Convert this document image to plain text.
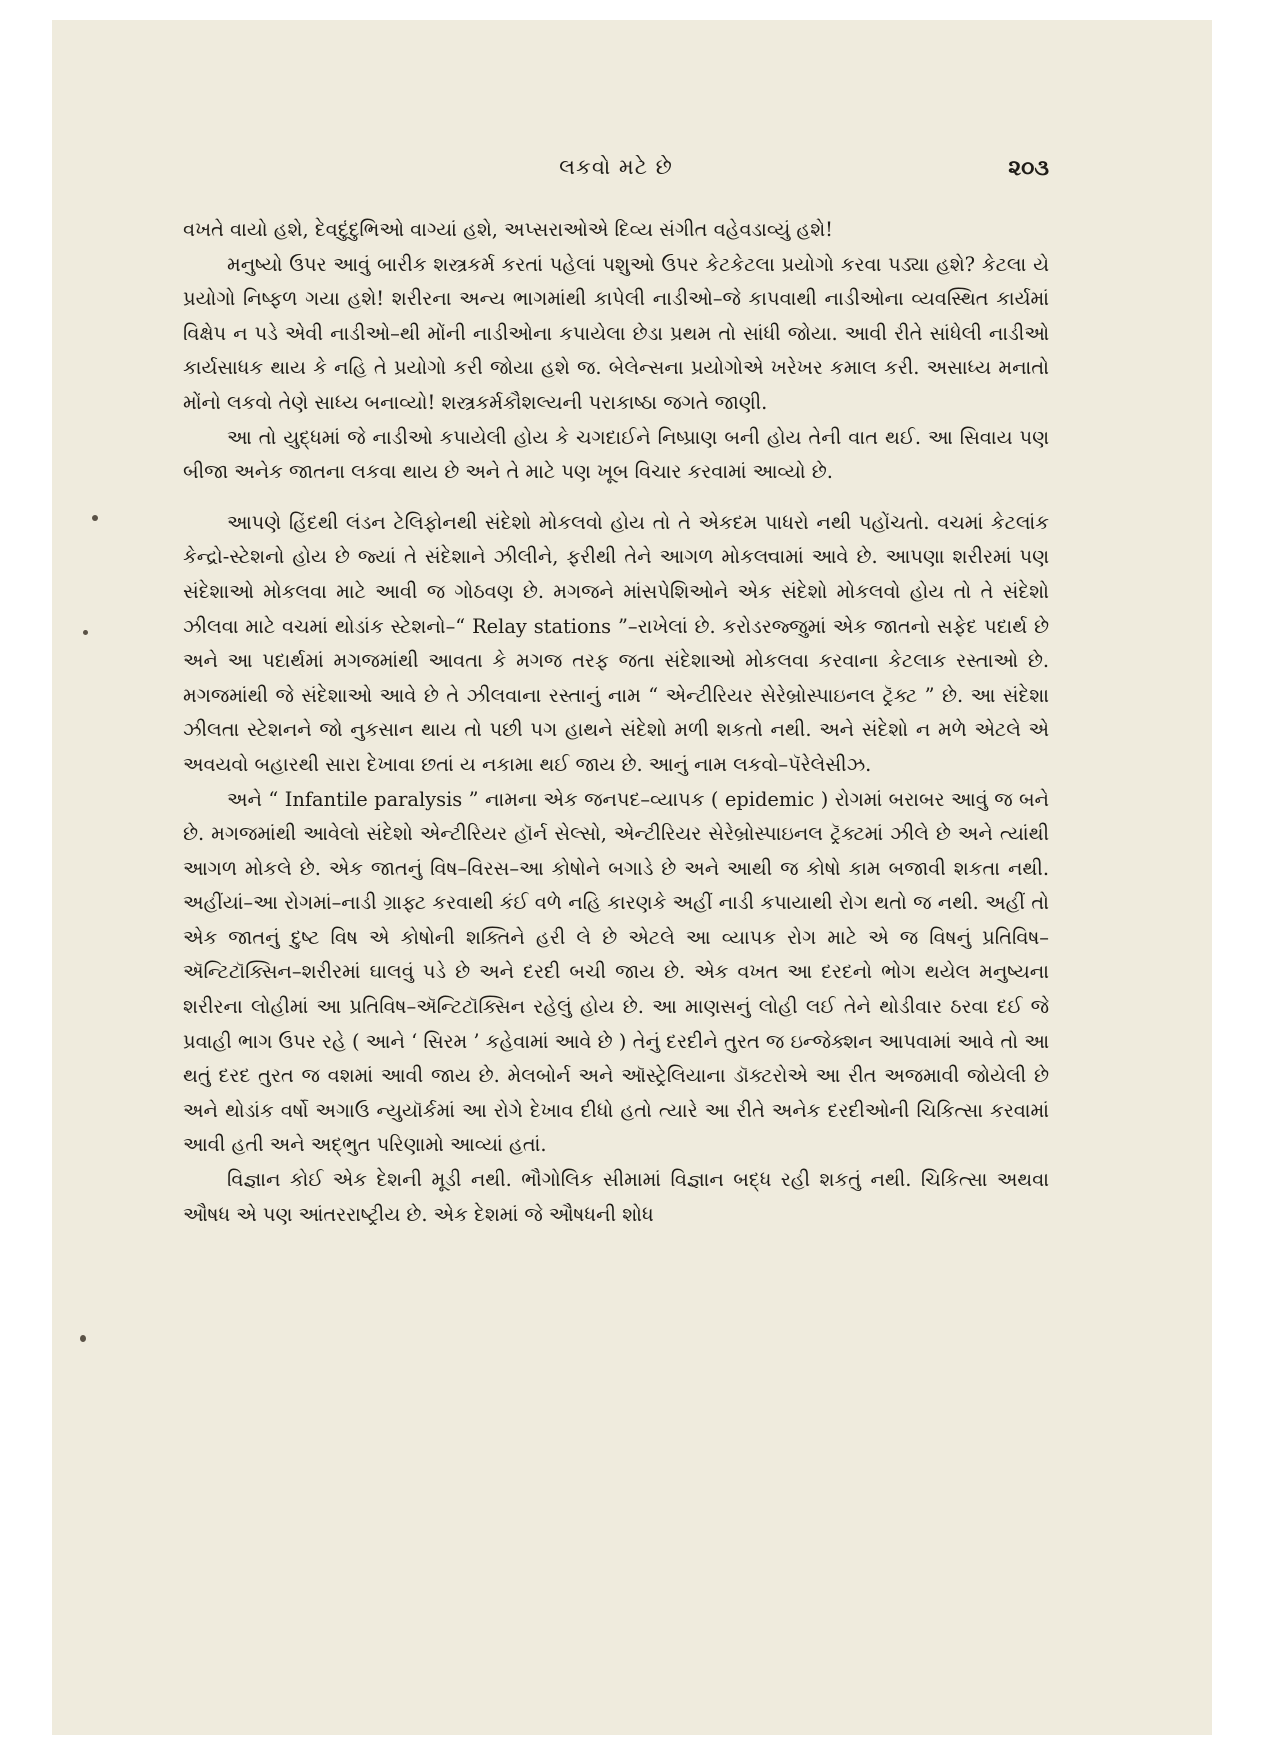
લકવો મટે છે	૨૦૩

વખતે વાયો હશે, દેવદુંદુભિઓ વાગ્યાં હશે, અપ્સરાઓએ દિવ્ય સંગીત વહેવડાવ્યું હશે!

મનુષ્યો ઉપર આવું બારીક શસ્ત્રકર્મ કરતાં પહેલાં પશુઓ ઉપર કેટકેટલા પ્રયોગો કરવા પડ્યા હશે? કેટલા યે પ્રયોગો નિષ્ફળ ગયા હશે! શરીરના અન્ય ભાગમાંથી કાપેલી નાડીઓ–જે કાપવાથી નાડીઓના વ્યવસ્થિત કાર્યમાં વિક્ષેપ ન પડે એવી નાડીઓ–થી મોંની નાડીઓના કપાયેલા છેડા પ્રથમ તો સાંધી જોયા. આવી રીતે સાંધેલી નાડીઓ કાર્યસાધક થાય કે નહિ તે પ્રયોગો કરી જોયા હશે જ. બેલેન્સના પ્રયોગોએ ખરેખર કમાલ કરી. અસાધ્ય મનાતો મોંનો લકવો તેણે સાધ્ય બનાવ્યો! શસ્ત્રકર્મકૌશલ્યની પરાકાષ્ઠા જગતે જાણી.

આ તો યુદ્ધમાં જે નાડીઓ કપાયેલી હોય કે ચગદાઈને નિષ્પ્રાણ બની હોય તેની વાત થઈ. આ સિવાય પણ બીજા અનેક જાતના લકવા થાય છે અને તે માટે પણ ખૂબ વિચાર કરવામાં આવ્યો છે.

આપણે હિંદથી લંડન ટેલિફોનથી સંદેશો મોકલવો હોય તો તે એકદમ પાધરો નથી પહોંચતો. વચમાં કેટલાંક કેન્દ્રો-સ્ટેશનો હોય છે જ્યાં તે સંદેશાને ઝીલીને, ફરીથી તેને આગળ મોકલવામાં આવે છે. આપણા શરીરમાં પણ સંદેશાઓ મોકલવા માટે આવી જ ગોઠવણ છે. મગજને માંસપેશિઓને એક સંદેશો મોકલવો હોય તો તે સંદેશો ઝીલવા માટે વચમાં થોડાંક સ્ટેશનો–“ Relay stations ”–રાખેલાં છે. કરોડરજ્જુમાં એક જાતનો સફેદ પદાર્થ છે અને આ પદાર્થમાં મગજમાંથી આવતા કે મગજ તરફ જતા સંદેશાઓ મોકલવા કરવાના કેટલાક રસ્તાઓ છે. મગજમાંથી જે સંદેશાઓ આવે છે તે ઝીલવાના રસ્તાનું નામ “ એન્ટીરિયર સેરેબ્રોસ્પાઇનલ ટ્રૅક્ટ ” છે. આ સંદેશા ઝીલતા સ્ટેશનને જો નુકસાન થાય તો પછી પગ હાથને સંદેશો મળી શકતો નથી. અને સંદેશો ન મળે એટલે એ અવયવો બહારથી સારા દેખાવા છતાં ય નકામા થઈ જાય છે. આનું નામ લકવો–પૅરેલેસીઝ.

અને “ Infantile paralysis ” નામના એક જનપદ–વ્યાપક ( epidemic ) રોગમાં બરાબર આવું જ બને છે. મગજમાંથી આવેલો સંદેશો એન્ટીરિયર હૉર્ન સેલ્સો, એન્ટીરિયર સેરેબ્રોસ્પાઇનલ ટ્રૅક્ટમાં ઝીલે છે અને ત્યાંથી આગળ મોકલે છે. એક જાતનું વિષ–વિરસ–આ કોષોને બગાડે છે અને આથી જ કોષો કામ બજાવી શકતા નથી. અહીંયાં–આ રોગમાં–નાડી ગ્રાફ્ટ કરવાથી કંઈ વળે નહિ કારણકે અહીં નાડી કપાયાથી રોગ થતો જ નથી. અહીં તો એક જાતનું દુષ્ટ વિષ એ કોષોની શક્તિને હરી લે છે એટલે આ વ્યાપક રોગ માટે એ જ વિષનું પ્રતિવિષ–ઍન્ટિટૉક્સિન–શરીરમાં ઘાલવું પડે છે અને દરદી બચી જાય છે. એક વખત આ દરદનો ભોગ થયેલ મનુષ્યના શરીરના લોહીમાં આ પ્રતિવિષ–ઍન્ટિટૉક્સિન રહેલું હોય છે. આ માણસનું લોહી લઈ તેને થોડીવાર ઠરવા દઈ જે પ્રવાહી ભાગ ઉપર રહે ( આને ‘ સિરમ ’ કહેવામાં આવે છે ) તેનું દરદીને તુરત જ ઇન્જેક્શન આપવામાં આવે તો આ થતું દરદ તુરત જ વશમાં આવી જાય છે. મેલબોર્ન અને ઑસ્ટ્રેલિયાના ડૉક્ટરોએ આ રીત અજમાવી જોયેલી છે અને થોડાંક વર્ષો અગાઉ ન્યુયૉર્કમાં આ રોગે દેખાવ દીધો હતો ત્યારે આ રીતે અનેક દરદીઓની ચિકિત્સા કરવામાં આવી હતી અને અદ્ભુત પરિણામો આવ્યાં હતાં.

વિજ્ઞાન કોઈ એક દેશની મૂડી નથી. ભૌગોલિક સીમામાં વિજ્ઞાન બદ્ધ રહી શકતું નથી. ચિકિત્સા અથવા ઔષધ એ પણ આંતરરાષ્ટ્રીય છે. એક દેશમાં જે ઔષધની શોધ
